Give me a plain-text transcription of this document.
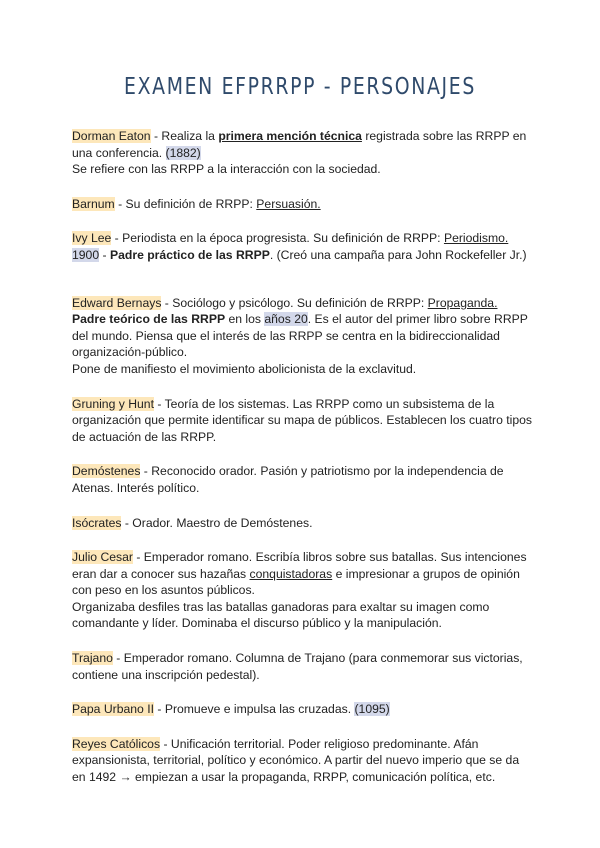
EXAMEN EFPRRPP - PERSONAJES

Dorman Eaton - Realiza la primera mención técnica registrada sobre las RRPP en una conferencia. (1882)

Se refiere con las RRPP a la interacción con la sociedad.

Barnum - Su definición de RRPP: Persuasión.

Ivy Lee - Periodista en la época progresista. Su definición de RRPP: Periodismo. 1900 - Padre práctico de las RRPP. (Creó una campaña para John Rockefeller Jr.)

Edward Bernays - Sociólogo y psicólogo. Su definición de RRPP: Propaganda. Padre teórico de las RRPP en los años 20. Es el autor del primer libro sobre RRPP del mundo. Piensa que el interés de las RRPP se centra en la bidireccionalidad organización-público.

Pone de manifiesto el movimiento abolicionista de la exclavitud.

Gruning y Hunt - Teoría de los sistemas. Las RRPP como un subsistema de la organización que permite identificar su mapa de públicos. Establecen los cuatro tipos de actuación de las RRPP.

Demóstenes - Reconocido orador. Pasión y patriotismo por la independencia de Atenas. Interés político.

Isócrates - Orador. Maestro de Demóstenes.

Julio Cesar - Emperador romano. Escribía libros sobre sus batallas. Sus intenciones eran dar a conocer sus hazañas conquistadoras e impresionar a grupos de opinión con peso en los asuntos públicos.

Organizaba desfiles tras las batallas ganadoras para exaltar su imagen como comandante y líder. Dominaba el discurso público y la manipulación.

Trajano - Emperador romano. Columna de Trajano (para conmemorar sus victorias, contiene una inscripción pedestal).

Papa Urbano II - Promueve e impulsa las cruzadas. (1095)

Reyes Católicos - Unificación territorial. Poder religioso predominante. Afán expansionista, territorial, político y económico. A partir del nuevo imperio que se da en 1492 → empiezan a usar la propaganda, RRPP, comunicación política, etc.
